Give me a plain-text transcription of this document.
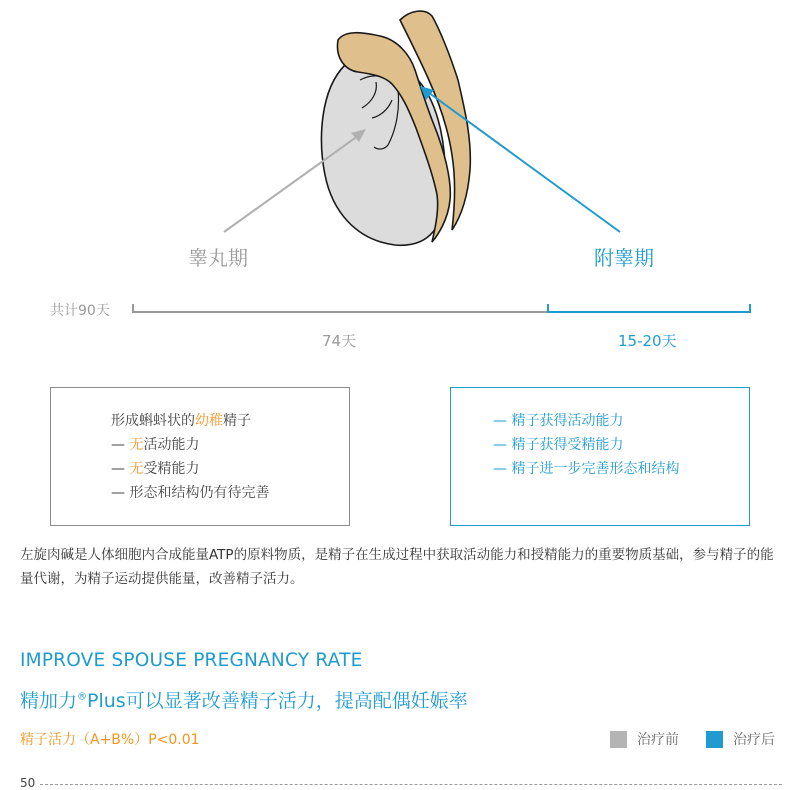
睾丸期	附睾期
共计90天
74天	15-20天
形成蝌蚪状的幼稚精子
— 无活动能力
— 无受精能力
— 形态和结构仍有待完善
— 精子获得活动能力
— 精子获得受精能力
— 精子进一步完善形态和结构
左旋肉碱是人体细胞内合成能量ATP的原料物质，是精子在生成过程中获取活动能力和授精能力的重要物质基础，参与精子的能量代谢，为精子运动提供能量，改善精子活力。
IMPROVE SPOUSE PREGNANCY RATE
精加力®Plus可以显著改善精子活力，提高配偶妊娠率
精子活力（A+B%）P<0.01	治疗前	治疗后
50
